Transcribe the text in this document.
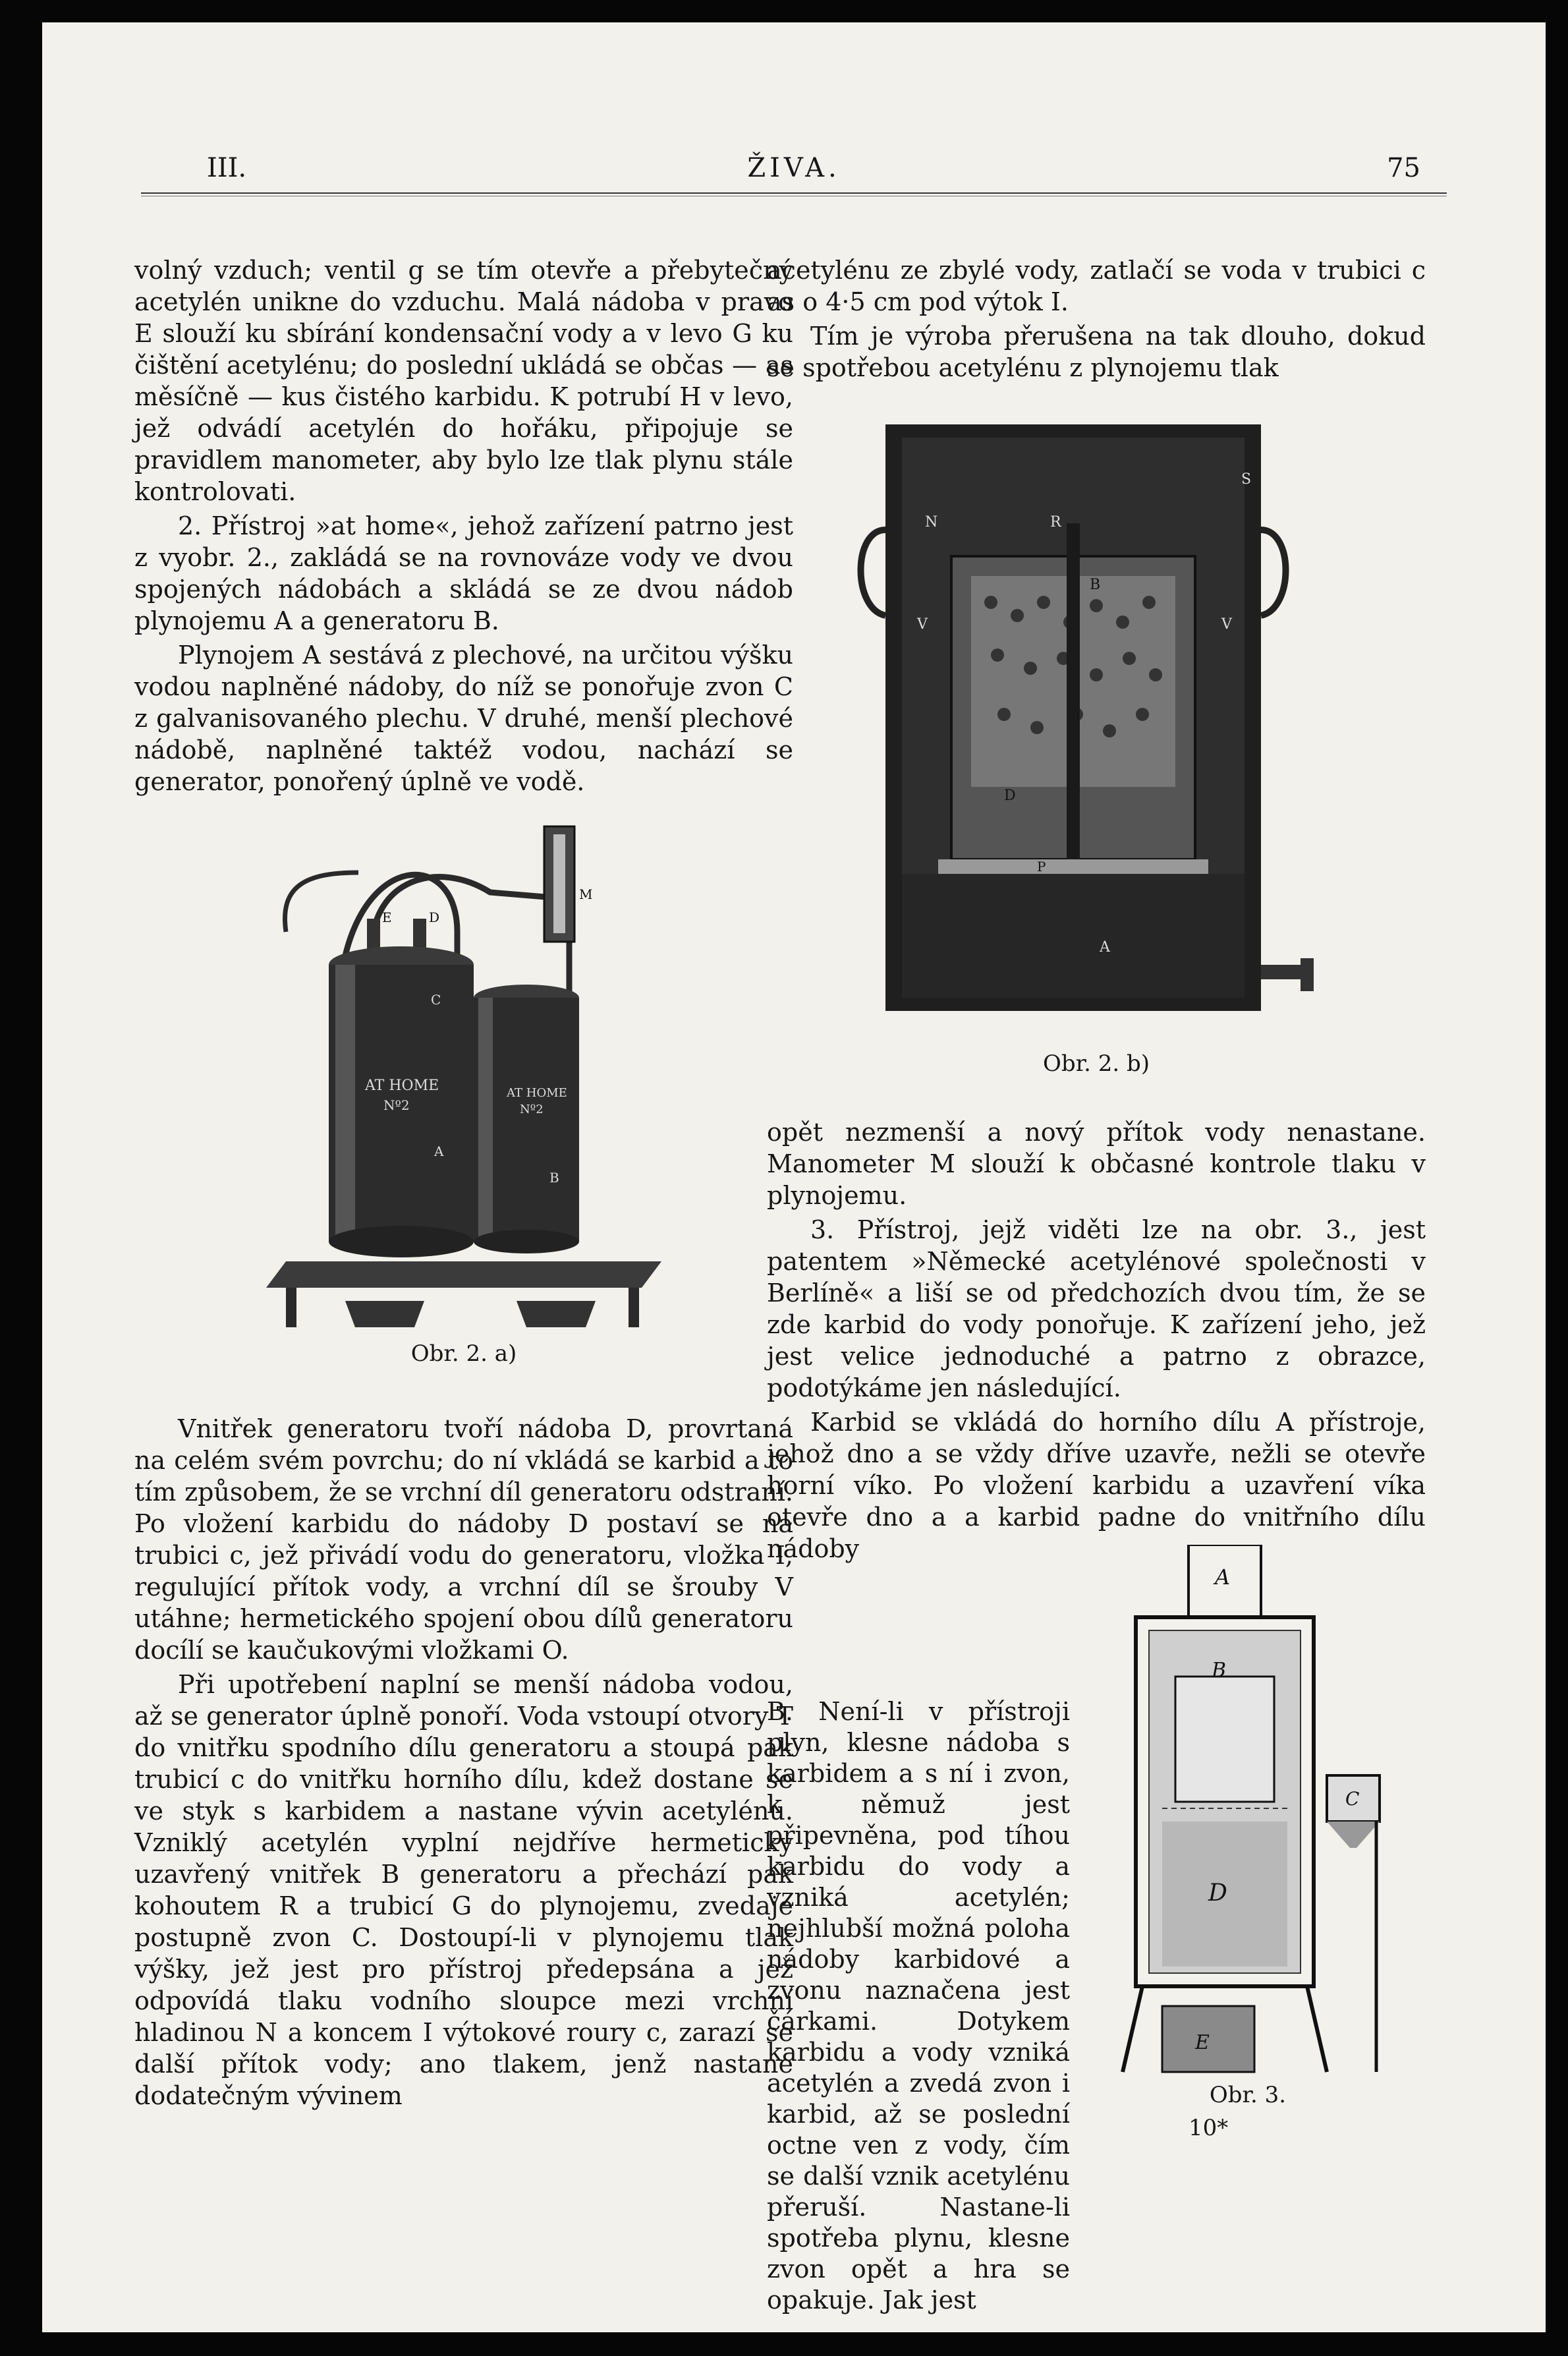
III.	ŽIVA.	75

volný vzduch; ventil g se tím otevře a přebytečný acetylén unikne do vzduchu. Malá nádoba v pravo E slouží ku sbírání kondensační vody a v levo G ku čištění acetylénu; do poslední ukládá se občas — as měsíčně — kus čistého karbidu. K potrubí H v levo, jež odvádí acetylén do hořáku, připojuje se pravidlem manometer, aby bylo lze tlak plynu stále kontrolovati.

2. Přístroj »at home«, jehož zařízení patrno jest z vyobr. 2., zakládá se na rovnováze vody ve dvou spojených nádobách a skládá se ze dvou nádob plynojemu A a generatoru B.

Plynojem A sestává z plechové, na určitou výšku vodou naplněné nádoby, do níž se ponořuje zvon C z galvanisovaného plechu. V druhé, menší plechové nádobě, naplněné taktéž vodou, nachází se generator, ponořený úplně ve vodě.

M
E	D
AT HOME
Nº2
C
A
AT HOME
Nº2
B
Obr. 2. a)

Vnitřek generatoru tvoří nádoba D, provrtaná na celém svém povrchu; do ní vkládá se karbid a to tím způsobem, že se vrchní díl generatoru odstraní. Po vložení karbidu do nádoby D postaví se na trubici c, jež přivádí vodu do generatoru, vložka I, regulující přítok vody, a vrchní díl se šrouby V utáhne; hermetického spojení obou dílů generatoru docílí se kaučukovými vložkami O.

Při upotřebení naplní se menší nádoba vodou, až se generator úplně ponoří. Voda vstoupí otvory T do vnitřku spodního dílu generatoru a stoupá pak trubicí c do vnitřku horního dílu, kdež dostane se ve styk s karbidem a nastane vývin acetylénu. Vzniklý acetylén vyplní nejdříve hermeticky uzavřený vnitřek B generatoru a přechází pak kohoutem R a trubicí G do plynojemu, zvedaje postupně zvon C. Dostoupí-li v plynojemu tlak výšky, jež jest pro přístroj předepsána a jež odpovídá tlaku vodního sloupce mezi vrchní hladinou N a koncem I výtokové roury c, zarazí se další přítok vody; ano tlakem, jenž nastane dodatečným vývinem

acetylénu ze zbylé vody, zatlačí se voda v trubici c as o 4·5 cm pod výtok I.

Tím je výroba přerušena na tak dlouho, dokud se spotřebou acetylénu z plynojemu tlak

N	R
B
V	V
D
P
A
S
Obr. 2. b)

opět nezmenší a nový přítok vody nenastane. Manometer M slouží k občasné kontrole tlaku v plynojemu.

3. Přístroj, jejž viděti lze na obr. 3., jest patentem »Německé acetylénové společnosti v Berlíně« a liší se od předchozích dvou tím, že se zde karbid do vody ponořuje. K zařízení jeho, jež jest velice jednoduché a patrno z obrazce, podotýkáme jen následující.

Karbid se vkládá do horního dílu A přístroje, jehož dno a se vždy dříve uzavře, nežli se otevře horní víko. Po vložení karbidu a uzavření víka otevře dno a a karbid padne do vnitřního dílu nádoby

B. Není-li v přístroji plyn, klesne nádoba s karbidem a s ní i zvon, k němuž jest připevněna, pod tíhou karbidu do vody a vzniká acetylén; nejhlubší možná poloha nádoby karbidové a zvonu naznačena jest čárkami. Dotykem karbidu a vody vzniká acetylén a zvedá zvon i karbid, až se poslední octne ven z vody, čím se další vznik acetylénu přeruší. Nastane-li spotřeba plynu, klesne zvon opět a hra se opakuje. Jak jest

A
B
D
C
E
Obr. 3.
10*
